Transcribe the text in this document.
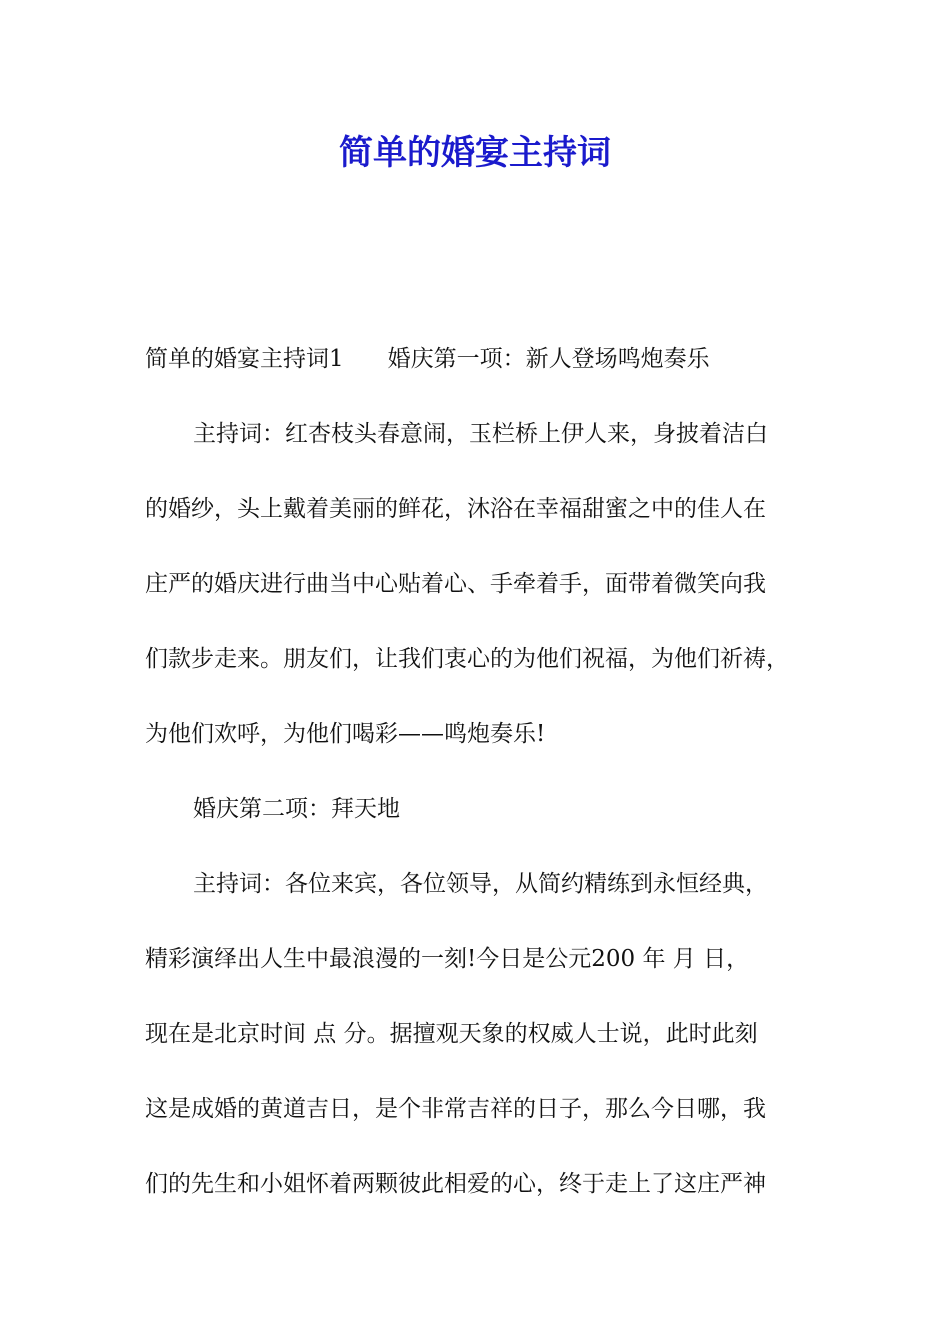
简单的婚宴主持词

简单的婚宴主持词1 婚庆第一项：新人登场鸣炮奏乐

主持词：红杏枝头春意闹，玉栏桥上伊人来，身披着洁白

的婚纱，头上戴着美丽的鲜花，沐浴在幸福甜蜜之中的佳人在

庄严的婚庆进行曲当中心贴着心、手牵着手，面带着微笑向我

们款步走来。朋友们，让我们衷心的为他们祝福，为他们祈祷，

为他们欢呼，为他们喝彩——鸣炮奏乐!

婚庆第二项：拜天地

主持词：各位来宾，各位领导，从简约精练到永恒经典，

精彩演绎出人生中最浪漫的一刻!今日是公元200 年 月 日，

现在是北京时间 点 分。据擅观天象的权威人士说，此时此刻

这是成婚的黄道吉日，是个非常吉祥的日子，那么今日哪，我

们的先生和小姐怀着两颗彼此相爱的心，终于走上了这庄严神
